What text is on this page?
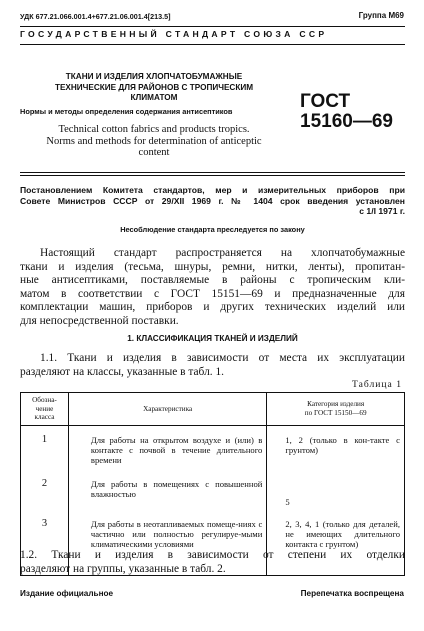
УДК 677.21.066.001.4+677.21.06.001.4[213.5]	Группа М69
ГОСУДАРСТВЕННЫЙ СТАНДАРТ СОЮЗА ССР
ТКАНИ И ИЗДЕЛИЯ ХЛОПЧАТОБУМАЖНЫЕ
ТЕХНИЧЕСКИЕ ДЛЯ РАЙОНОВ С ТРОПИЧЕСКИМ
КЛИМАТОМ
Нормы и методы определения содержания антисептиков
Technical cotton fabrics and products tropics.
Norms and methods for determination of anticeptic
content
ГОСТ
15160—69

Постановлением Комитета стандартов, мер и измерительных приборов при

Совете Министров СССР от 29/XII 1969 г. № 1404 срок введения установлен

с 1/I 1971 г.

Несоблюдение стандарта преследуется по закону

Настоящий стандарт распространяется на хлопчатобумажные

ткани и изделия (тесьма, шнуры, ремни, нитки, ленты), пропитан-

ные антисептиками, поставляемые в районы с тропическим кли-

матом в соответствии с ГОСТ 15151—69 и предназначенные для

комплектации машин, приборов и других технических изделий или

для непосредственной поставки.

1. КЛАССИФИКАЦИЯ ТКАНЕЙ И ИЗДЕЛИЙ

1.1. Ткани и изделия в зависимости от места их эксплуатации

разделяют на классы, указанные в табл. 1.

Таблица 1
Обозна-
чение
класса	Характеристика	Категория изделия
по ГОСТ 15150—69
1	Для работы на открытом воздухе и (или) в контакте с почвой в течение длительного времени	1, 2 (только в кон-такте с грунтом)
2	Для работы в помещениях с повышенной влажностью	5
3	Для работы в неотапливаемых помеще-ниях с частично или полностью регулируе-мыми климатическими условиями	2, 3, 4, 1 (только для деталей, не имеющих длительного контакта с грунтом)

1.2. Ткани и изделия в зависимости от степени их отделки

разделяют на группы, указанные в табл. 2.

Издание официальное	Перепечатка воспрещена
